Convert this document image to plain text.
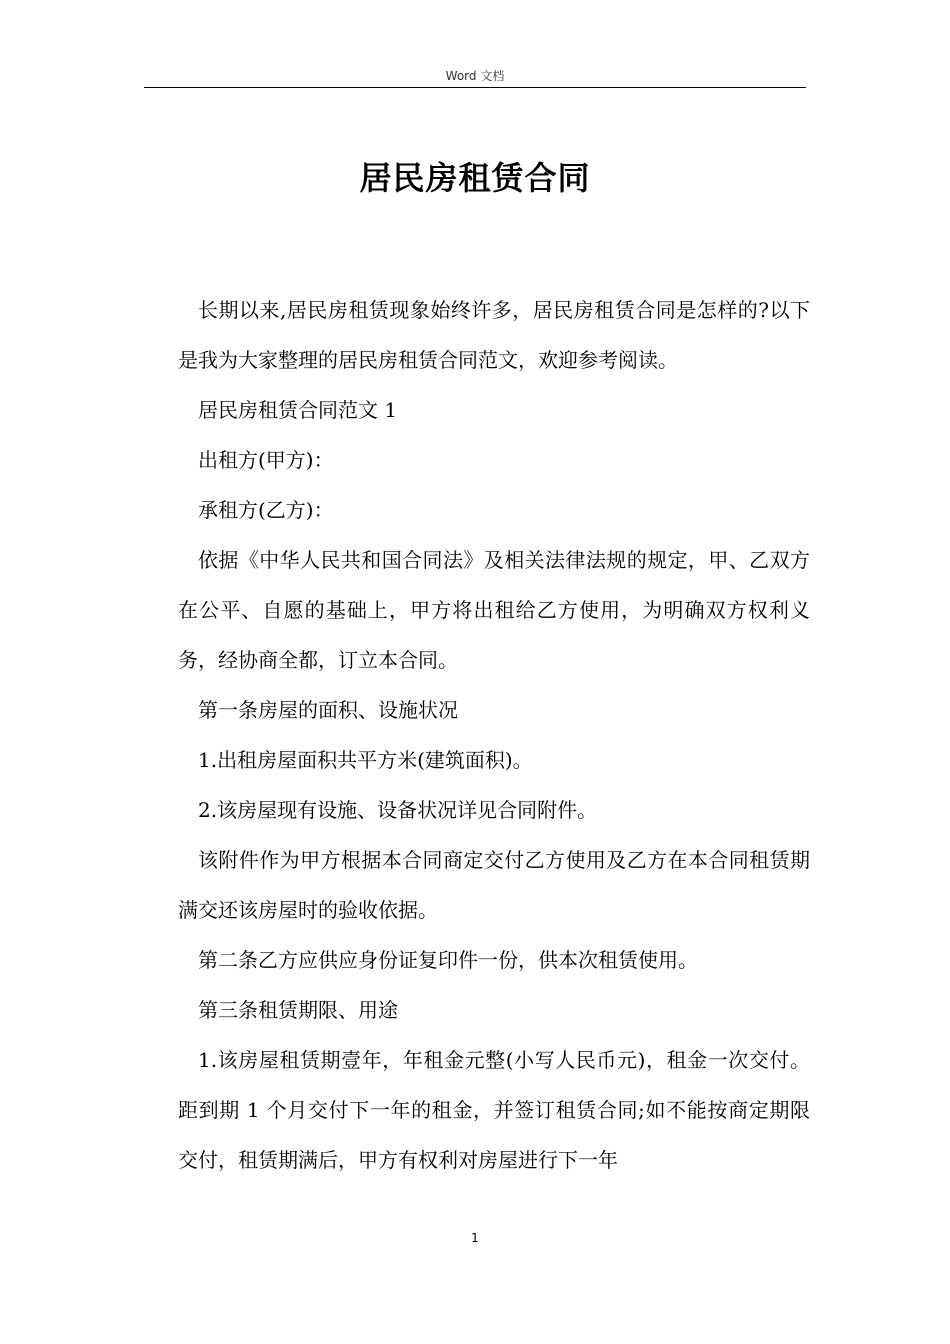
Word 文档
居民房租赁合同

长期以来,居民房租赁现象始终许多，居民房租赁合同是怎样的?以下是我为大家整理的居民房租赁合同范文，欢迎参考阅读。

居民房租赁合同范文 1

出租方(甲方)：

承租方(乙方)：

依据《中华人民共和国合同法》及相关法律法规的规定，甲、乙双方在公平、自愿的基础上，甲方将出租给乙方使用，为明确双方权利义务，经协商全都，订立本合同。

第一条房屋的面积、设施状况

1.出租房屋面积共平方米(建筑面积)。

2.该房屋现有设施、设备状况详见合同附件。

该附件作为甲方根据本合同商定交付乙方使用及乙方在本合同租赁期满交还该房屋时的验收依据。

第二条乙方应供应身份证复印件一份，供本次租赁使用。

第三条租赁期限、用途

1.该房屋租赁期壹年，年租金元整(小写人民币元)，租金一次交付。距到期 1 个月交付下一年的租金，并签订租赁合同;如不能按商定期限交付，租赁期满后，甲方有权利对房屋进行下一年

1
